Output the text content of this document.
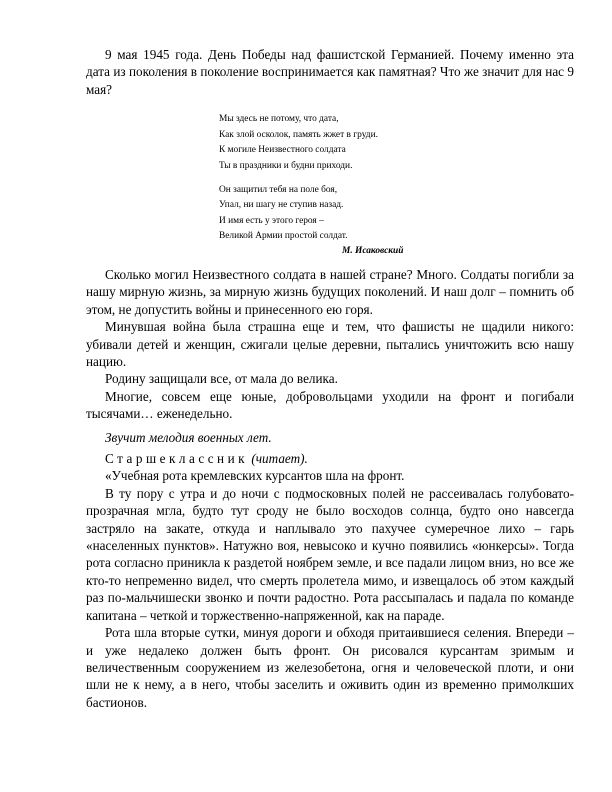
9 мая 1945 года. День Победы над фашистской Германией. Почему именно эта дата из поколения в поколение воспринимается как памятная? Что же значит для нас 9 мая?

Мы здесь не потому, что дата,
Как злой осколок, память жжет в груди.
К могиле Неизвестного солдата
Ты в праздники и будни приходи.
Он защитил тебя на поле боя,
Упал, ни шагу не ступив назад.
И имя есть у этого героя –
Великой Армии простой солдат.
М. Исаковский

Сколько могил Неизвестного солдата в нашей стране? Много. Солдаты погибли за нашу мирную жизнь, за мирную жизнь будущих поколений. И наш долг – помнить об этом, не допустить войны и принесенного ею горя.

Минувшая война была страшна еще и тем, что фашисты не щадили никого: убивали детей и женщин, сжигали целые деревни, пытались уничтожить всю нашу нацию.

Родину защищали все, от мала до велика.

Многие, совсем еще юные, добровольцами уходили на фронт и погибали тысячами… еженедельно.

Звучит мелодия военных лет.

Старшеклассник (читает).

«Учебная рота кремлевских курсантов шла на фронт.

В ту пору с утра и до ночи с подмосковных полей не рассеивалась голубовато-прозрачная мгла, будто тут сроду не было восходов солнца, будто оно навсегда застряло на закате, откуда и наплывало это пахучее сумеречное лихо – гарь «населенных пунктов». Натужно воя, невысоко и кучно появились «юнкерсы». Тогда рота согласно приникла к раздетой ноябрем земле, и все падали лицом вниз, но все же кто-то непременно видел, что смерть пролетела мимо, и извещалось об этом каждый раз по-мальчишески звонко и почти радостно. Рота рассыпалась и падала по команде капитана – четкой и торжественно-напряженной, как на параде.

Рота шла вторые сутки, минуя дороги и обходя притаившиеся селения. Впереди – и уже недалеко должен быть фронт. Он рисовался курсантам зримым и величественным сооружением из железобетона, огня и человеческой плоти, и они шли не к нему, а в него, чтобы заселить и оживить один из временно примолкших бастионов.
